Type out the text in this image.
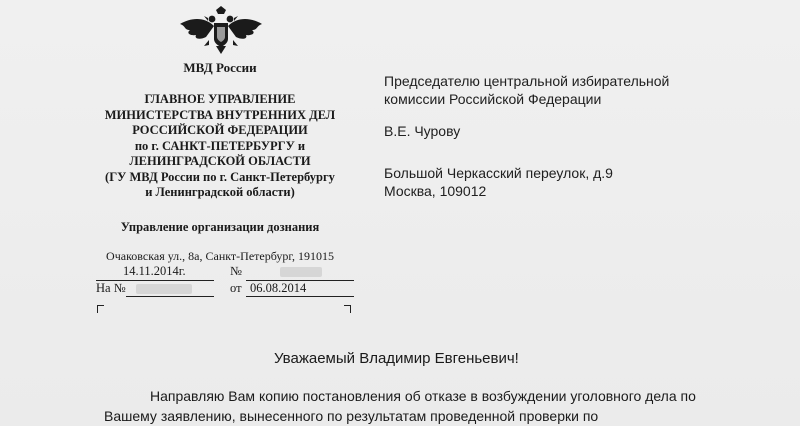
МВД России
ГЛАВНОЕ УПРАВЛЕНИЕ
МИНИСТЕРСТВА ВНУТРЕННИХ ДЕЛ
РОССИЙСКОЙ ФЕДЕРАЦИИ
по г. САНКТ-ПЕТЕРБУРГУ и
ЛЕНИНГРАДСКОЙ ОБЛАСТИ
(ГУ МВД России по г. Санкт-Петербургу
и Ленинградской области)
Управление организации дознания
Очаковская ул., 8а, Санкт-Петербург, 191015
14.11.2014г.	№
На №	от 06.08.2014
Председателю центральной избирательной
комиссии Российской Федерации
В.Е. Чурову
Большой Черкасский переулок, д.9
Москва, 109012
Уважаемый Владимир Евгеньевич!
Направляю Вам копию постановления об отказе в возбуждении уголовного дела по Вашему заявлению, вынесенного по результатам проведенной проверки по
